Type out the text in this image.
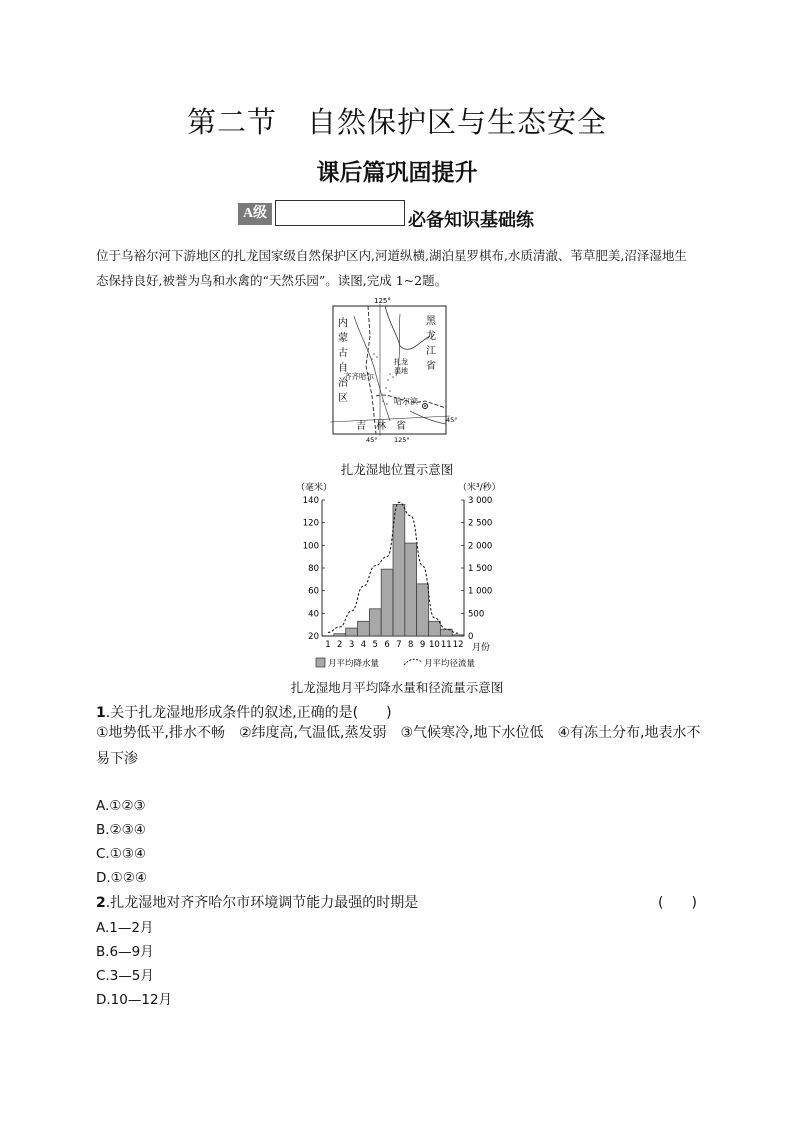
第二节　自然保护区与生态安全
课后篇巩固提升
A级	必备知识基础练
位于乌裕尔河下游地区的扎龙国家级自然保护区内,河道纵横,湖泊星罗棋布,水质清澈、苇草肥美,沼泽湿地生态保持良好,被誉为鸟和水禽的“天然乐园”。读图,完成 1~2题。
125°
内
蒙
古
自
治
区
黑
龙
江
省
扎龙
湿地
齐齐哈尔
哈尔滨
吉　林　省
45°
45°	125°
扎龙湿地位置示意图
（毫米）	（米³/秒）
20
40
60
80
100
120
140
0
500
1 000
1 500
2 000
2 500
3 000
1 2 3 4 5 6 7 8 9 10 11 12 月份
月平均降水量	月平均径流量
扎龙湿地月平均降水量和径流量示意图
1.关于扎龙湿地形成条件的叙述,正确的是(　　)
①地势低平,排水不畅　②纬度高,气温低,蒸发弱　③气候寒冷,地下水位低　④有冻土分布,地表水不易下渗
A.①②③
B.②③④
C.①③④
D.①②④
2.扎龙湿地对齐齐哈尔市环境调节能力最强的时期是	(　　)
A.1—2月
B.6—9月
C.3—5月
D.10—12月
